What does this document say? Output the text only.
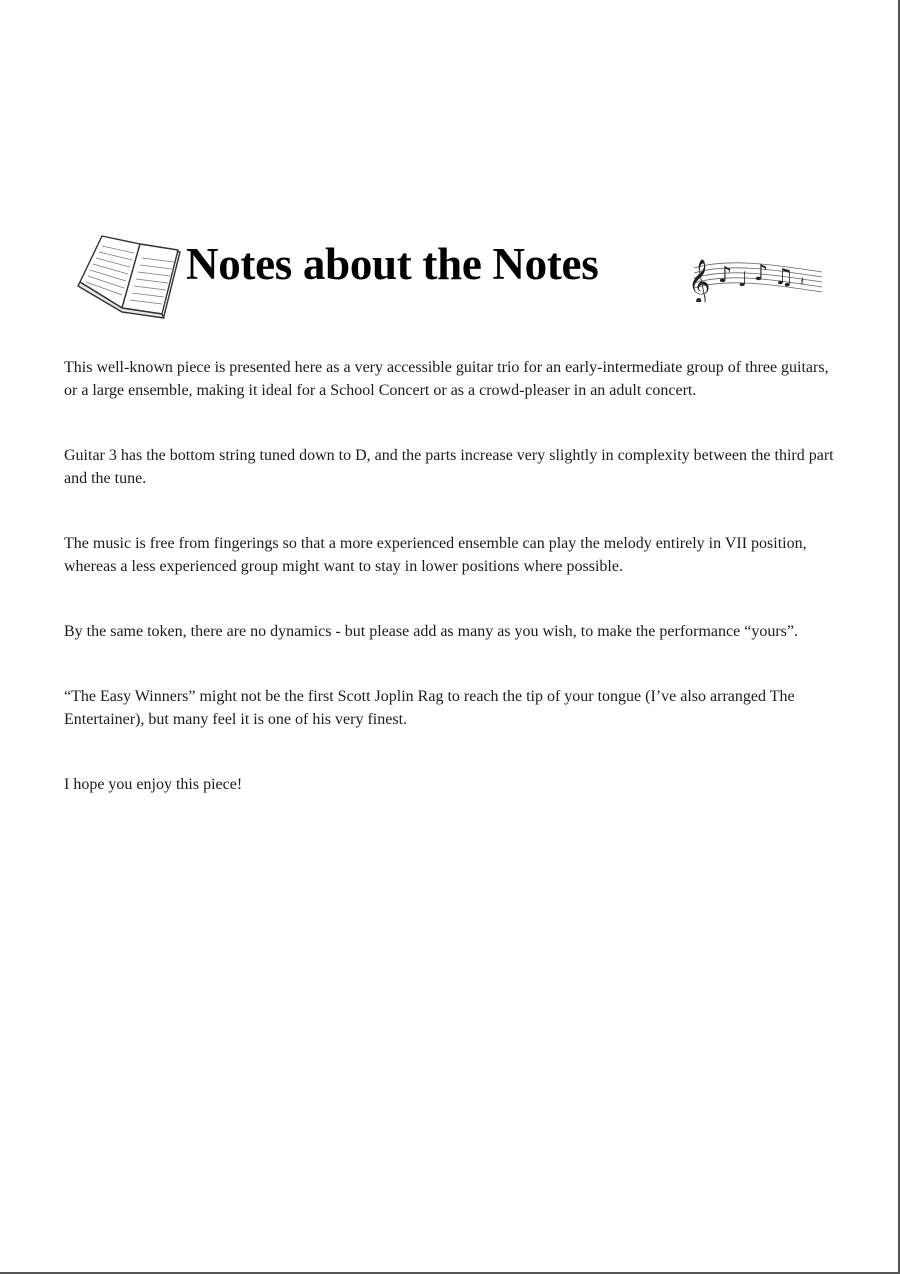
Notes about the Notes 𝄞 ♪ ♩ ♪ ♫ 𝄽

This well-known piece is presented here as a very accessible guitar trio for an early-intermediate group of three guitars, or a large ensemble, making it ideal for a School Concert or as a crowd-pleaser in an adult concert.

Guitar 3 has the bottom string tuned down to D, and the parts increase very slightly in complexity between the third part and the tune.

The music is free from fingerings so that a more experienced ensemble can play the melody entirely in VII position, whereas a less experienced group might want to stay in lower positions where possible.

By the same token, there are no dynamics - but please add as many as you wish, to make the performance “yours”.

“The Easy Winners” might not be the first Scott Joplin Rag to reach the tip of your tongue (I’ve also arranged The Entertainer), but many feel it is one of his very finest.

I hope you enjoy this piece!
